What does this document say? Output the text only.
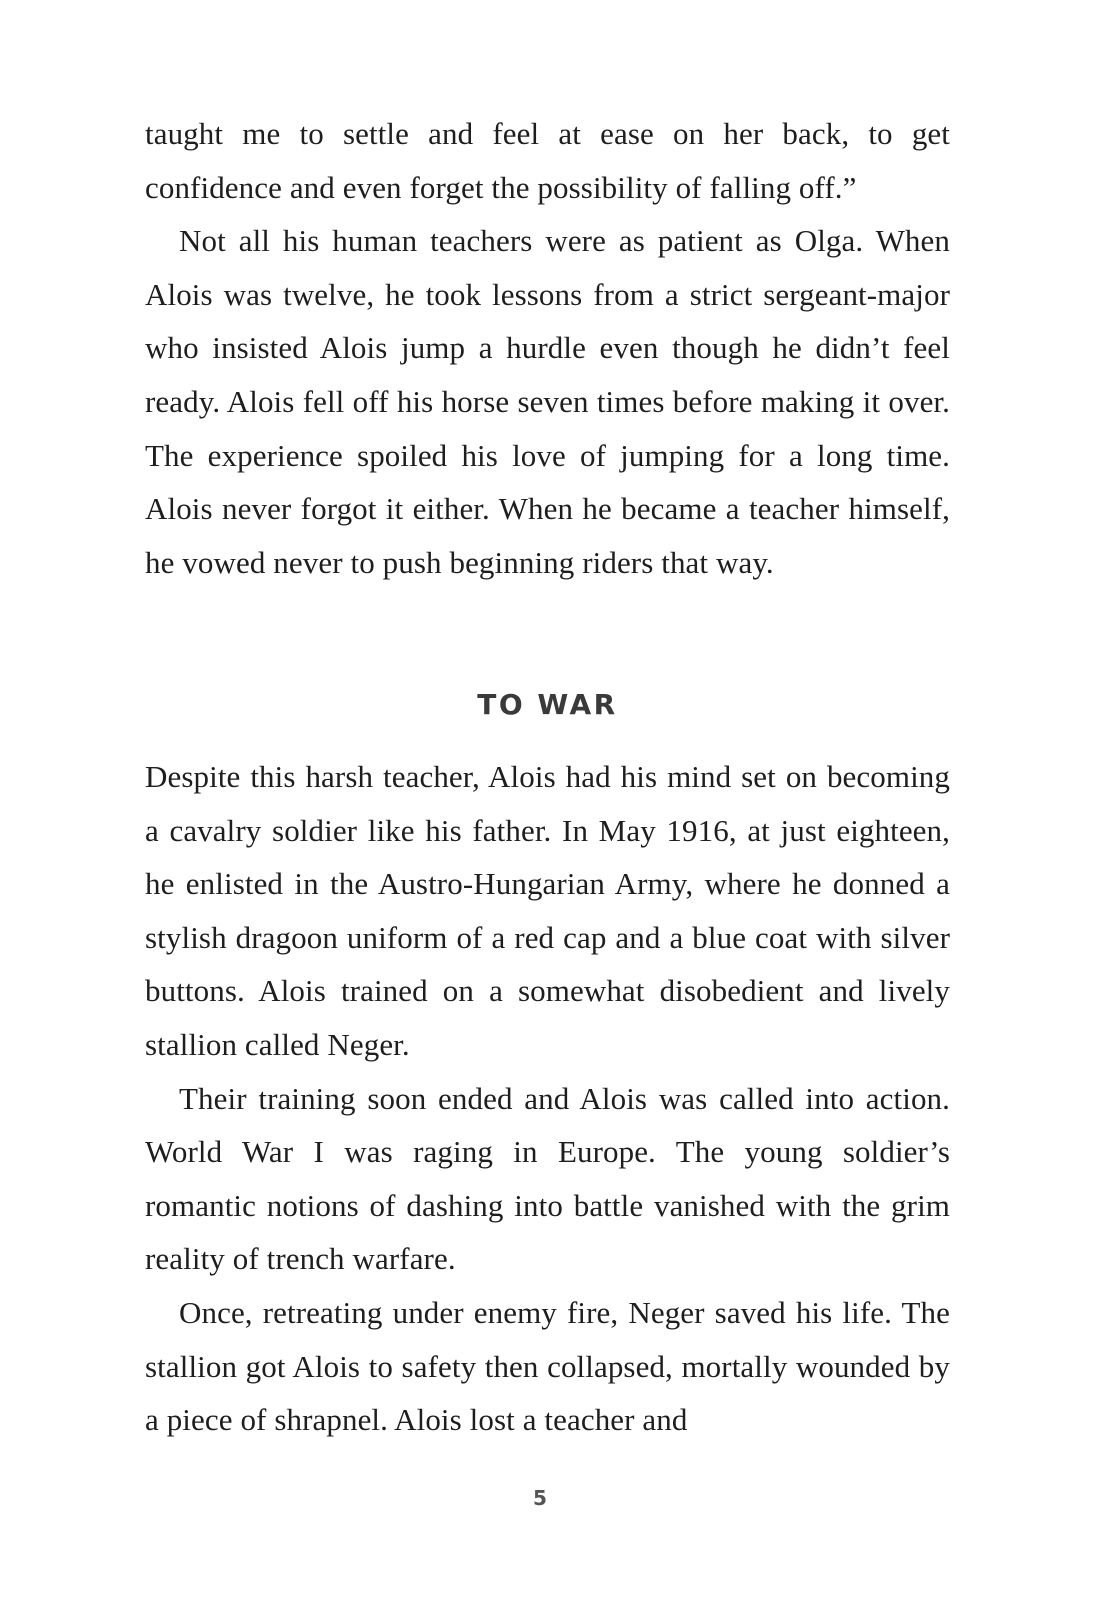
taught me to settle and feel at ease on her back, to get confidence and even forget the possibility of falling off.”

Not all his human teachers were as patient as Olga. When Alois was twelve, he took lessons from a strict sergeant-major who insisted Alois jump a hurdle even though he didn’t feel ready. Alois fell off his horse seven times before making it over. The experience spoiled his love of jumping for a long time. Alois never forgot it either. When he became a teacher himself, he vowed never to push beginning riders that way.

TO WAR

Despite this harsh teacher, Alois had his mind set on becoming a cavalry soldier like his father. In May 1916, at just eighteen, he enlisted in the Austro-Hungarian Army, where he donned a stylish dragoon uniform of a red cap and a blue coat with silver buttons. Alois trained on a somewhat disobedient and lively stallion called Neger.

Their training soon ended and Alois was called into action. World War I was raging in Europe. The young soldier’s romantic notions of dashing into battle vanished with the grim reality of trench warfare.

Once, retreating under enemy fire, Neger saved his life. The stallion got Alois to safety then collapsed, mortally wounded by a piece of shrapnel. Alois lost a teacher and

5
